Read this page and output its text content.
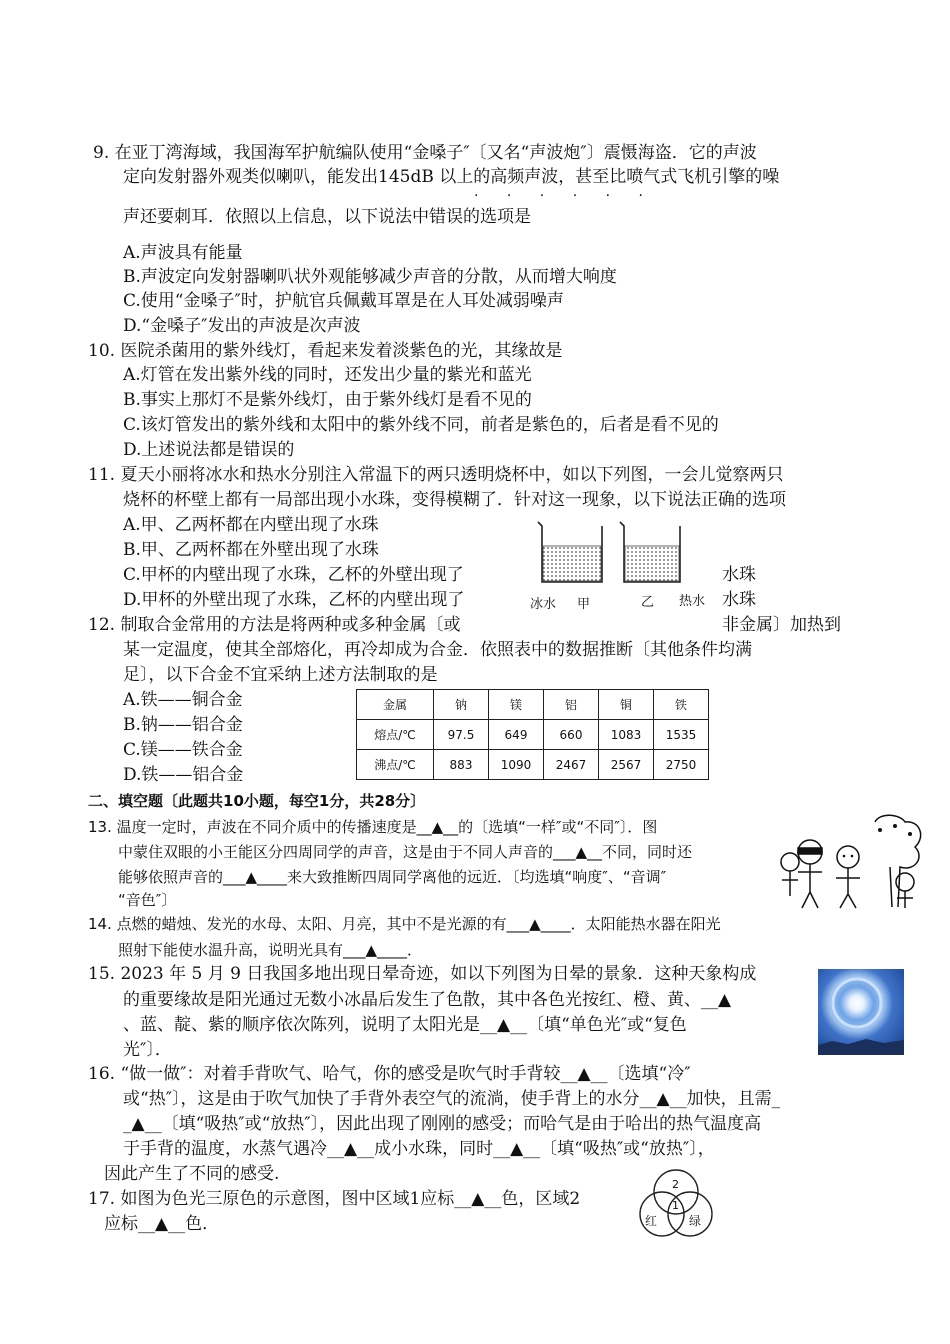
9. 在亚丁湾海域，我国海军护航编队使用“金嗓子″〔又名“声波炮″〕震慑海盗．它的声波
定向发射器外观类似喇叭，能发出145dB 以上的高频声波，甚至比喷气式飞机引擎的噪
· · · · · ·
声还要刺耳．依照以上信息，以下说法中错误的选项是
A.声波具有能量
B.声波定向发射器喇叭状外观能够减少声音的分散，从而增大响度
C.使用“金嗓子″时，护航官兵佩戴耳罩是在人耳处减弱噪声
D.“金嗓子″发出的声波是次声波
10. 医院杀菌用的紫外线灯，看起来发着淡紫色的光，其缘故是
A.灯管在发出紫外线的同时，还发出少量的紫光和蓝光
B.事实上那灯不是紫外线灯，由于紫外线灯是看不见的
C.该灯管发出的紫外线和太阳中的紫外线不同，前者是紫色的，后者是看不见的
D.上述说法都是错误的
11. 夏天小丽将冰水和热水分别注入常温下的两只透明烧杯中，如以下列图，一会儿觉察两只
烧杯的杯壁上都有一局部出现小水珠，变得模糊了．针对这一现象，以下说法正确的选项
A.甲、乙两杯都在内壁出现了水珠
B.甲、乙两杯都在外壁出现了水珠
C.甲杯的内壁出现了水珠，乙杯的外壁出现了
D.甲杯的外壁出现了水珠，乙杯的内壁出现了
水珠
水珠
冰水 甲	乙 热水
12. 制取合金常用的方法是将两种或多种金属〔或	非金属〕加热到
某一定温度，使其全部熔化，再冷却成为合金．依照表中的数据推断〔其他条件均满
足〕，以下合金不宜采纳上述方法制取的是
A.铁——铜合金
B.钠——铝合金
C.镁——铁合金
D.铁——铝合金
金属	钠	镁	铝	铜	铁
熔点/℃	97.5	649	660	1083	1535
沸点/℃	883	1090	2467	2567	2750
二、填空题〔此题共10小题，每空1分，共28分〕
13. 温度一定时，声波在不同介质中的传播速度是__▲__的〔选填“一样″或“不同″〕．图
中蒙住双眼的小王能区分四周同学的声音，这是由于不同人声音的___▲__不同，同时还
能够依照声音的___▲____来大致推断四周同学离他的远近．〔均选填“响度″、“音调″
“音色″〕
14. 点燃的蜡烛、发光的水母、太阳、月亮，其中不是光源的有___▲____．太阳能热水器在阳光
照射下能使水温升高，说明光具有___▲____．
15. 2023 年 5 月 9 日我国多地出现日晕奇迹，如以下列图为日晕的景象．这种天象构成
的重要缘故是阳光通过无数小冰晶后发生了色散，其中各色光按红、橙、黄、__▲
、蓝、靛、紫的顺序依次陈列，说明了太阳光是__▲__〔填“单色光″或“复色
光″〕．
16. “做一做″：对着手背吹气、哈气，你的感受是吹气时手背较__▲__〔选填“冷″
或“热″〕，这是由于吹气加快了手背外表空气的流淌，使手背上的水分__▲__加快，且需_
_▲__〔填“吸热″或“放热″〕，因此出现了刚刚的感受；而哈气是由于哈出的热气温度高
于手背的温度，水蒸气遇冷__▲__成小水珠，同时__▲__〔填“吸热″或“放热″〕，
因此产生了不同的感受.
17. 如图为色光三原色的示意图，图中区域1应标__▲__色，区域2
应标__▲__色．
2
1
红	绿
